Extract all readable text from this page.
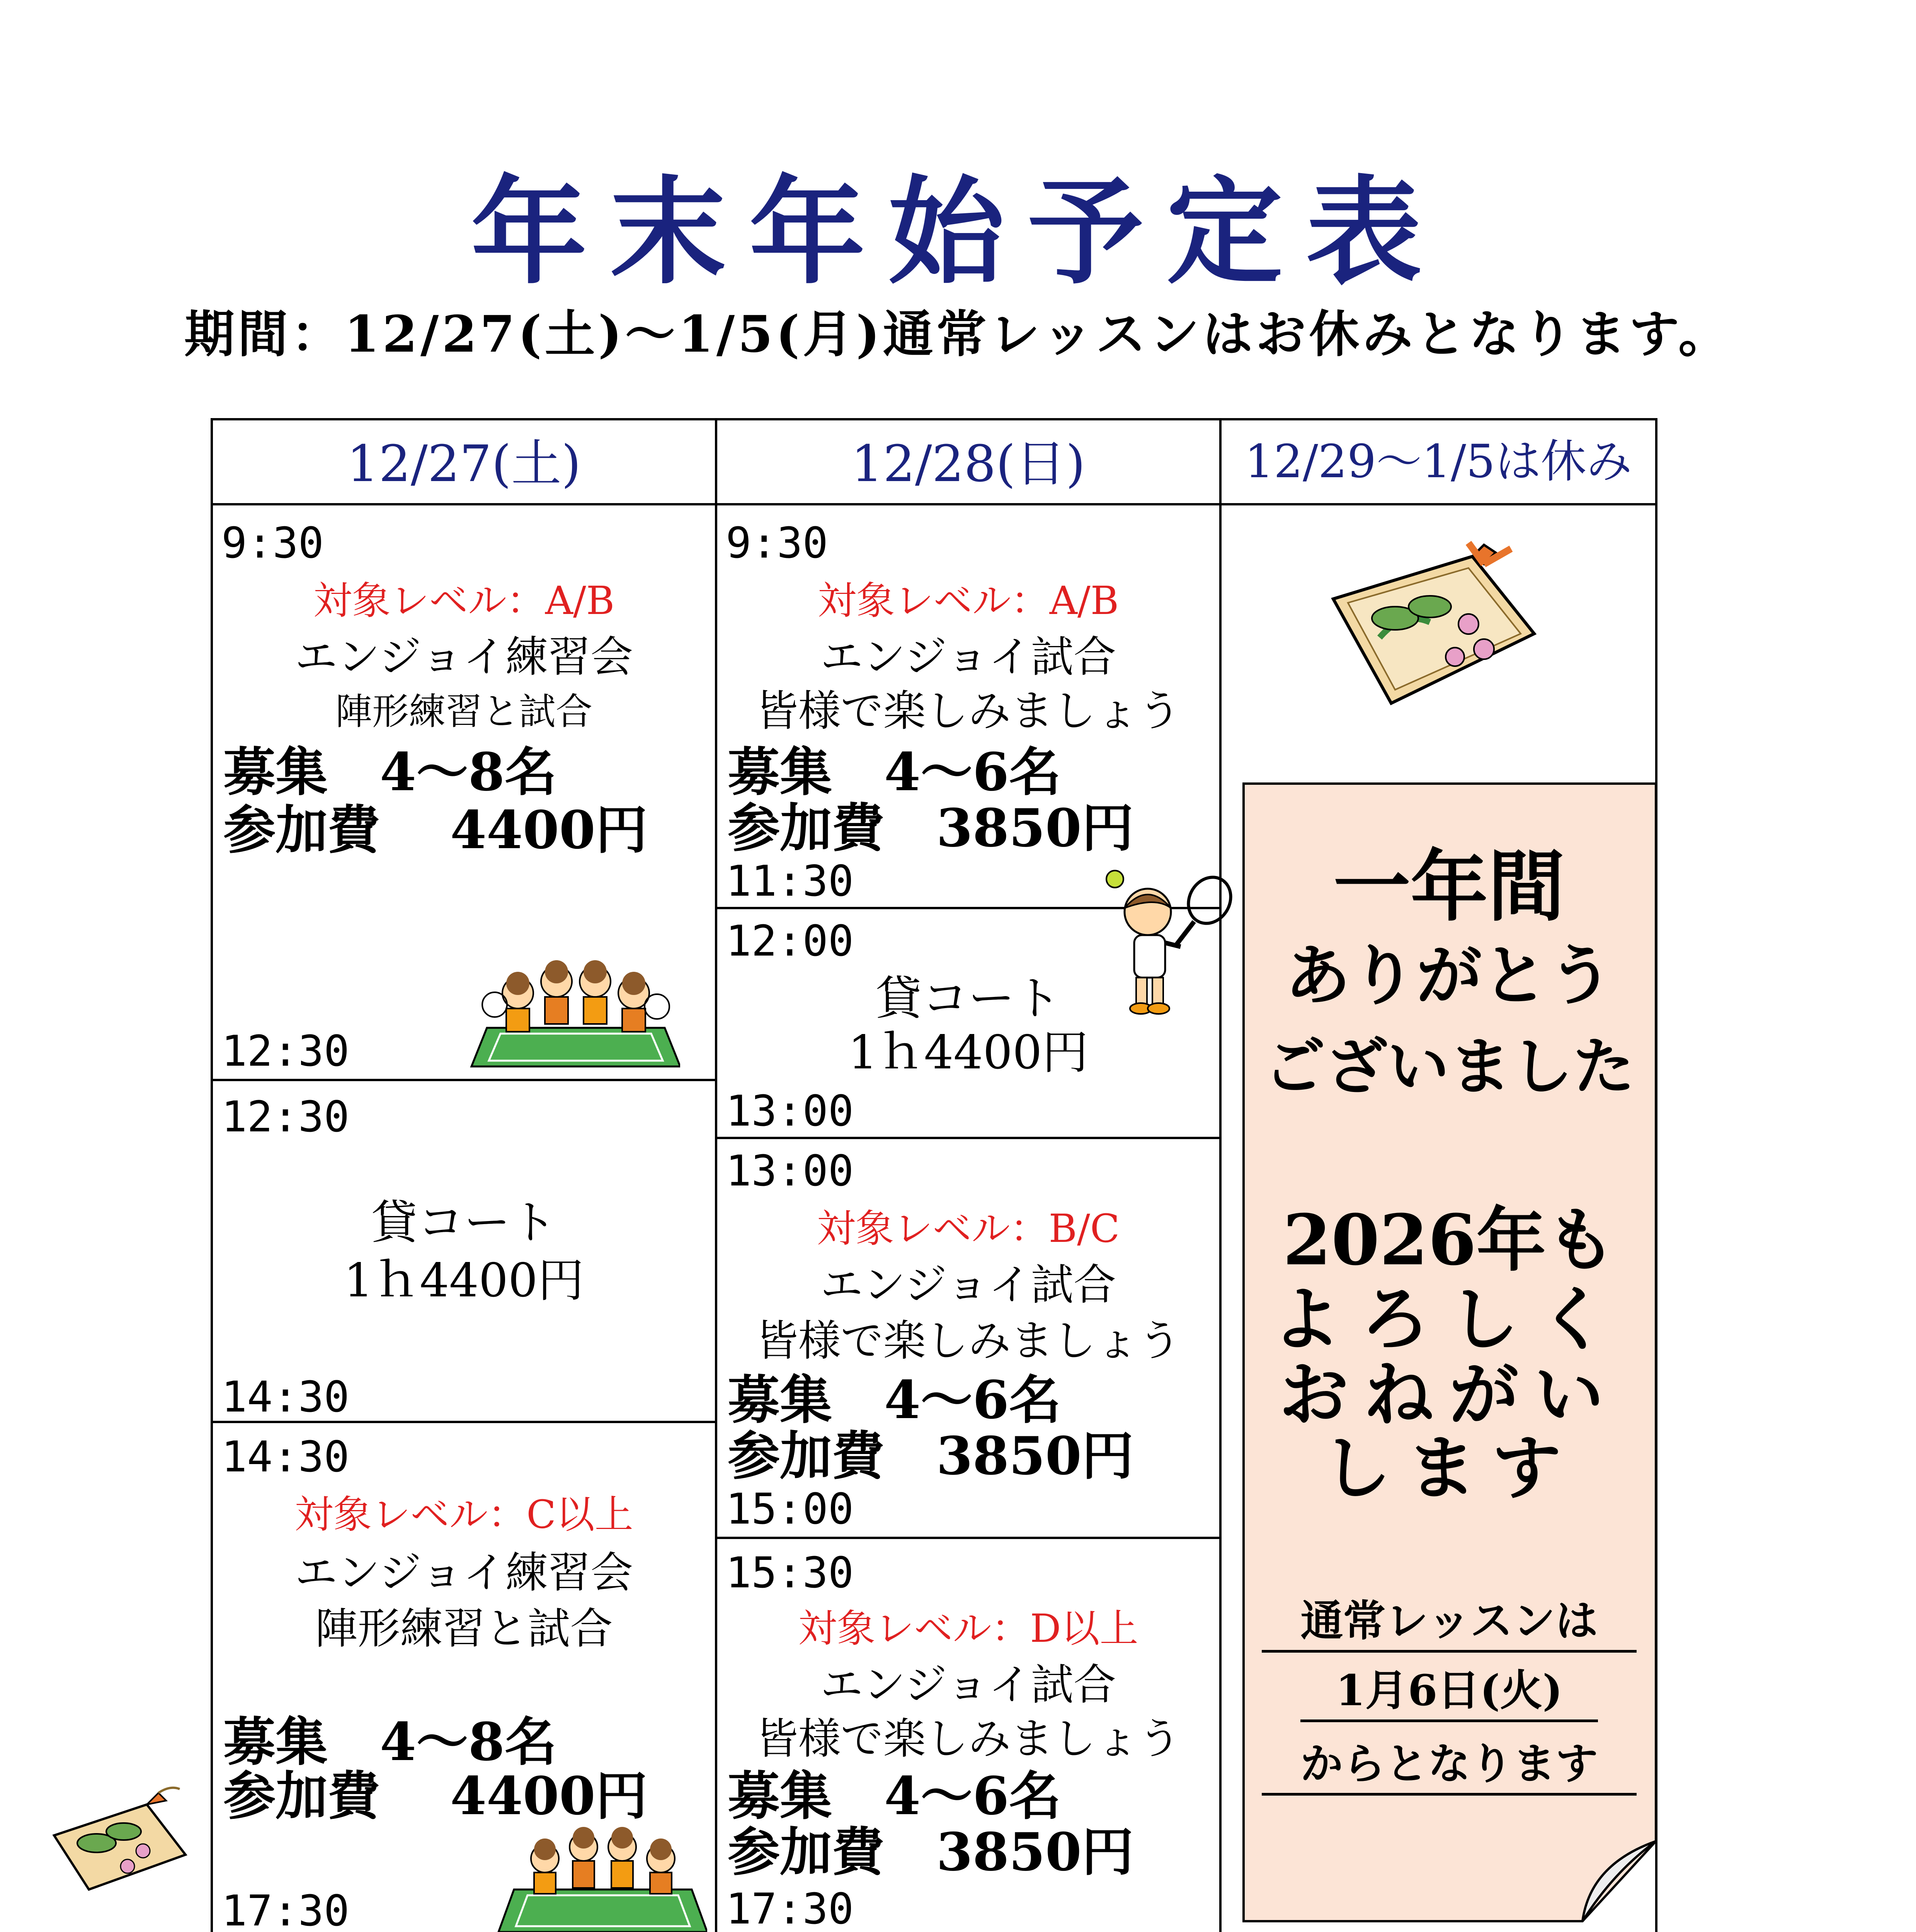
年末年始予定表
期間：12/27(土)～1/5(月)通常レッスンはお休みとなります。
12/27(土)	12/28(日)	12/29～1/5は休み
9:30
対象レベル：A/B
エンジョイ練習会
陣形練習と試合
募集　4～8名
参加費　 4400円
12:30
12:30
貸コート
1ｈ4400円
14:30
14:30
対象レベル：C以上
エンジョイ練習会
陣形練習と試合
募集　4～8名
参加費　 4400円
17:30
9:30
対象レベル：A/B
エンジョイ試合
皆様で楽しみましょう
募集　4～6名
参加費　3850円
11:30
12:00
貸コート
1ｈ4400円
13:00
13:00
対象レベル：B/C
エンジョイ試合
皆様で楽しみましょう
募集　4～6名
参加費　3850円
15:00
15:30
対象レベル：D以上
エンジョイ試合
皆様で楽しみましょう
募集　4～6名
参加費　3850円
17:30
一年間
ありがとう
ございました
2026年も
よろしく
おねがい
します
通常レッスンは
1月6日(火)
からとなります
